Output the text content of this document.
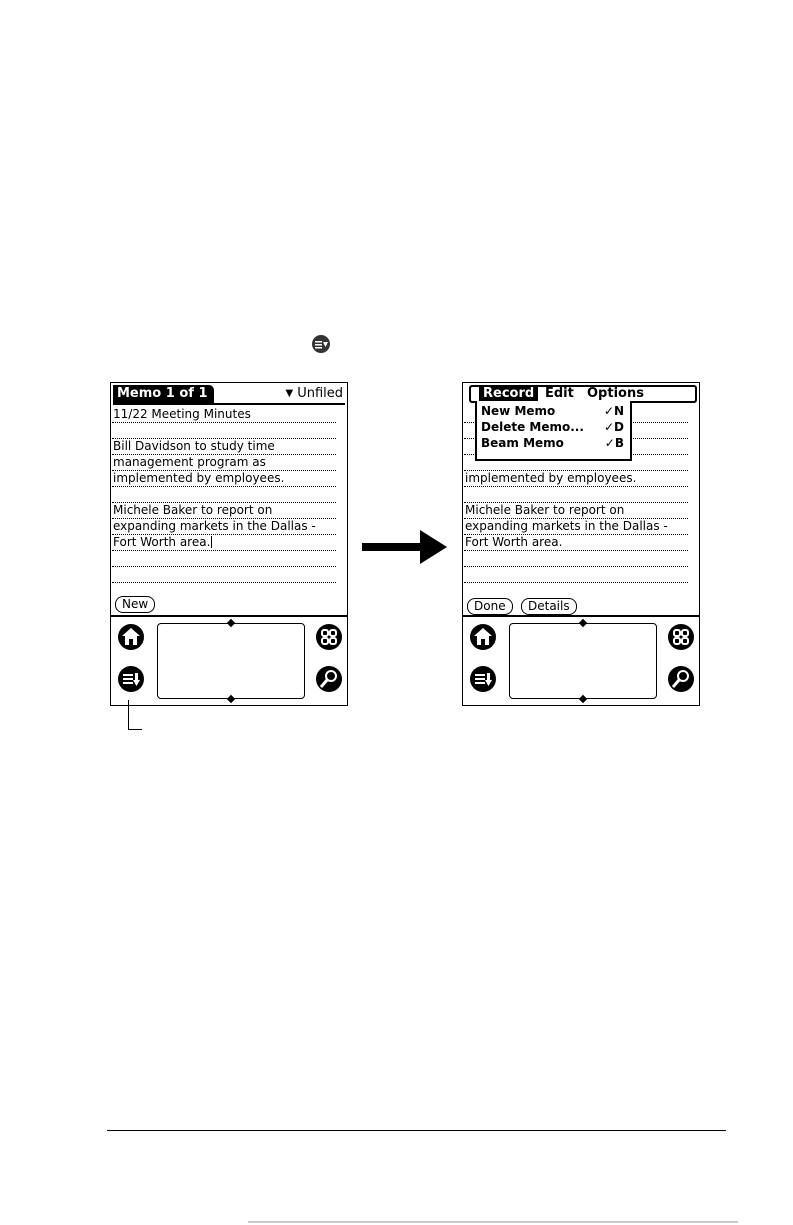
Memo 1 of 1	▼ Unfiled
11/22 Meeting Minutes
Bill Davidson to study time
management program as
implemented by employees.
Michele Baker to report on
expanding markets in the Dallas -
Fort Worth area.
New
implemented by employees.
Michele Baker to report on
expanding markets in the Dallas -
Fort Worth area.
Record Edit	Options
New Memo	✓N
Delete Memo... ✓D
Beam Memo	✓B
Done	Details
